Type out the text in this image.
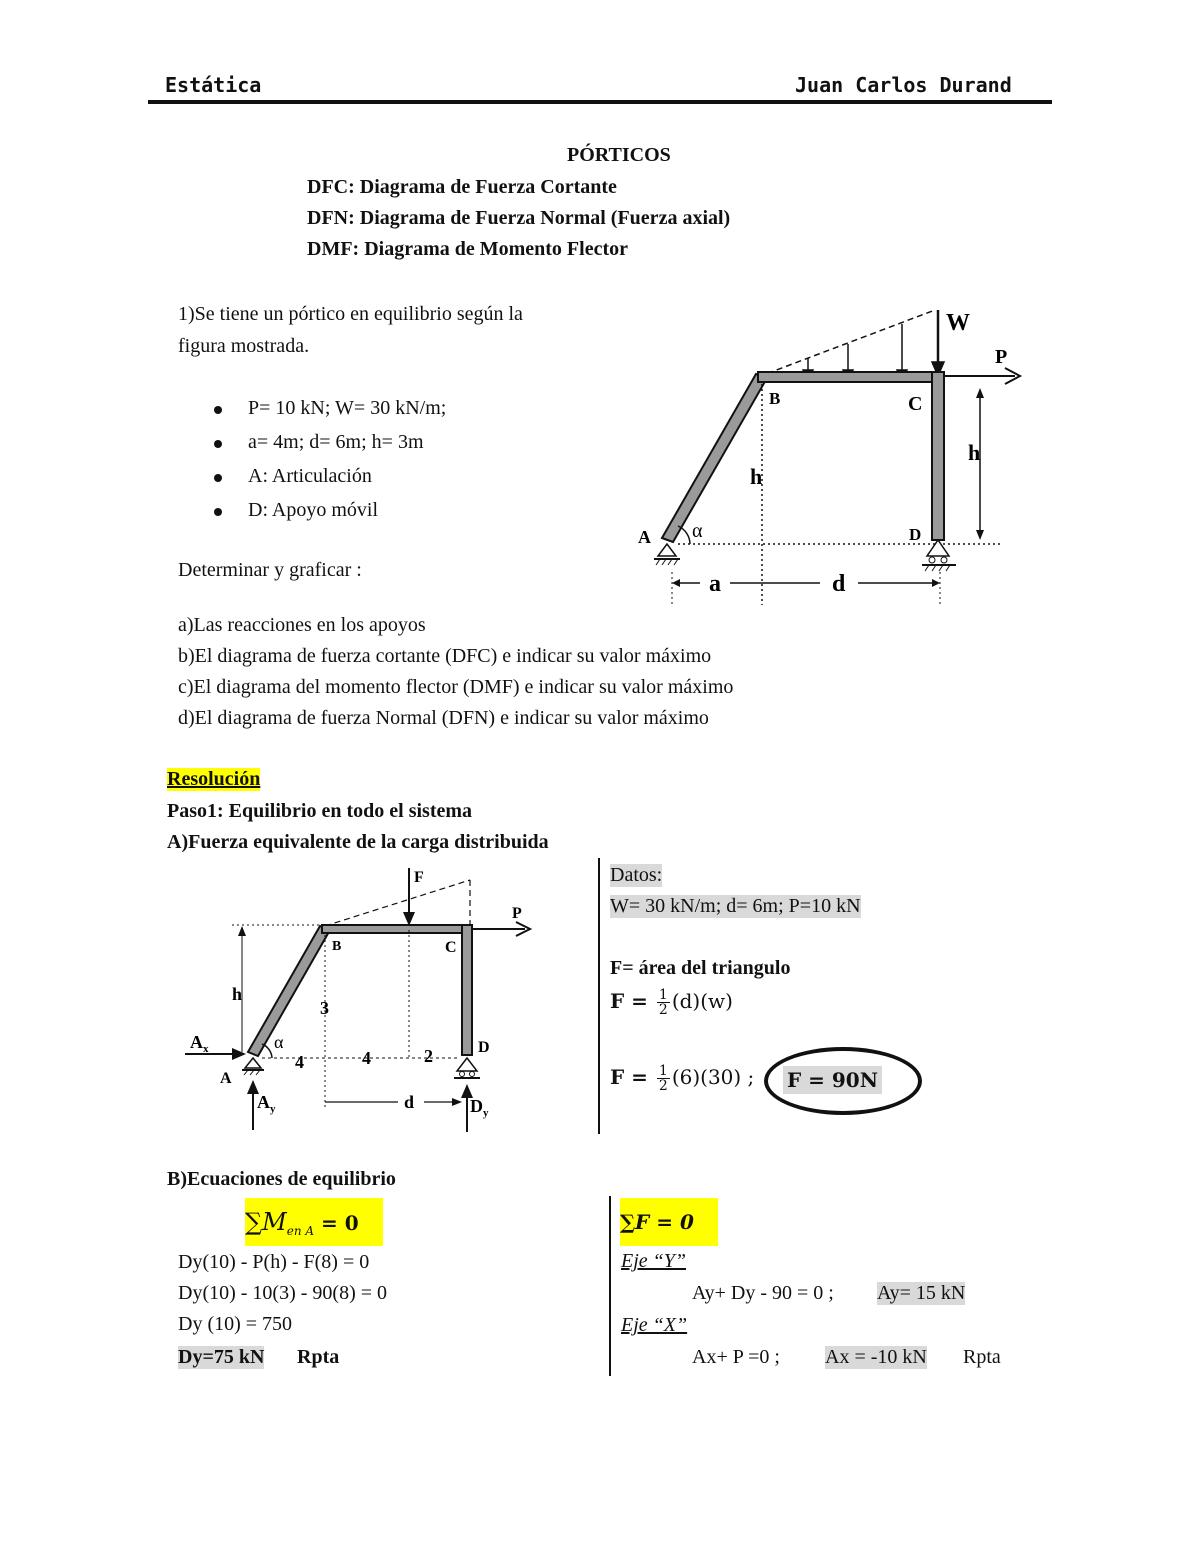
Estática	Juan Carlos Durand
PÓRTICOS
DFC: Diagrama de Fuerza Cortante
DFN: Diagrama de Fuerza Normal (Fuerza axial)
DMF: Diagrama de Momento Flector
1)Se tiene un pórtico en equilibrio según la
figura mostrada.
P= 10 kN; W= 30 kN/m;
a= 4m; d= 6m; h= 3m
A: Articulación
D: Apoyo móvil
Determinar y graficar :
a)Las reacciones en los apoyos
b)El diagrama de fuerza cortante (DFC) e indicar su valor máximo
c)El diagrama del momento flector (DMF) e indicar su valor máximo
d)El diagrama de fuerza Normal (DFN) e indicar su valor máximo
W
P
B	C
h
h
A α	D
a	d
Resolución
Paso1: Equilibrio en todo el sistema
A)Fuerza equivalente de la carga distribuida
F
P
B	C
h
3
α
$A_x$
A
4	4	2	D
$A_y$	$D_y$
d
Datos:
W= 30 kN/m; d= 6m; P=10 kN
F= área del triangulo
$F = \frac{1}{2} (d)(w)$
$F = \frac{1}{2} (6)(30)$ ; F = 90N
B)Ecuaciones de equilibrio
$\sum M_{en A} = 0$
Dy(10) - P(h) - F(8) = 0
Dy(10) - 10(3) - 90(8) = 0
Dy (10) = 750
Dy=75 kN Rpta
∑F = 0
Eje “Y”
Ay+ Dy - 90 = 0 ; Ay= 15 kN
Eje “X”
Ax+ P =0 ; Ax = -10 kN Rpta
